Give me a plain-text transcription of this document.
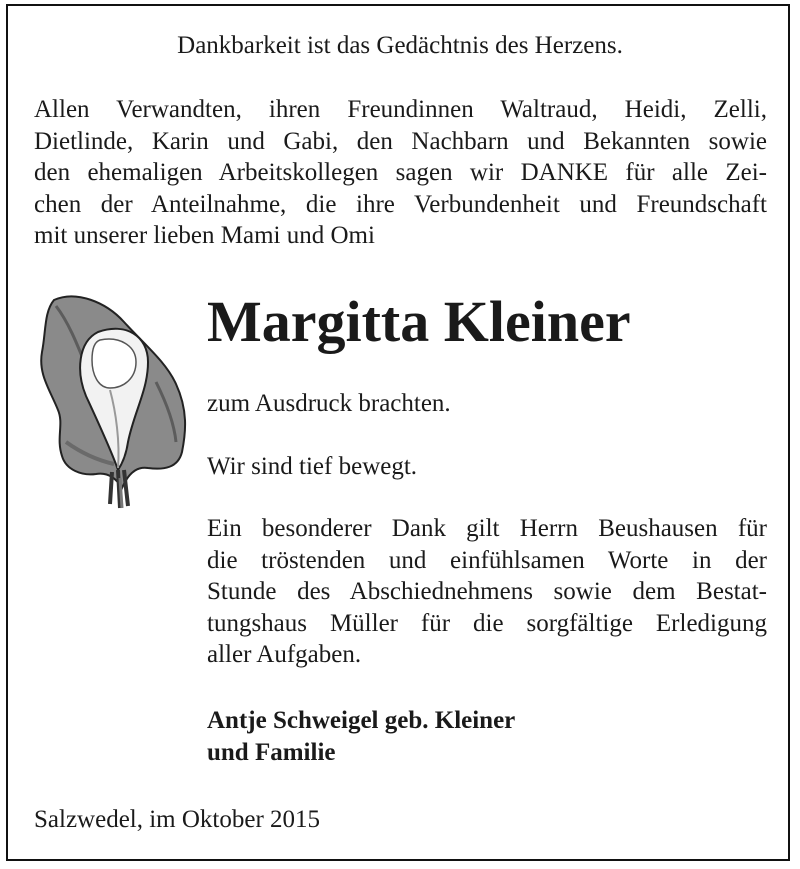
Dankbarkeit ist das Gedächtnis des Herzens.
Allen Verwandten, ihren Freundinnen Waltraud, Heidi, Zelli,
Dietlinde, Karin und Gabi, den Nachbarn und Bekannten sowie
den ehemaligen Arbeitskollegen sagen wir DANKE für alle Zei-
chen der Anteilnahme, die ihre Verbundenheit und Freundschaft
mit unserer lieben Mami und Omi
Margitta Kleiner
zum Ausdruck brachten.
Wir sind tief bewegt.
Ein besonderer Dank gilt Herrn Beushausen für
die tröstenden und einfühlsamen Worte in der
Stunde des Abschiednehmens sowie dem Bestat-
tungshaus Müller für die sorgfältige Erledigung
aller Aufgaben.
Antje Schweigel geb. Kleiner
und Familie
Salzwedel, im Oktober 2015
